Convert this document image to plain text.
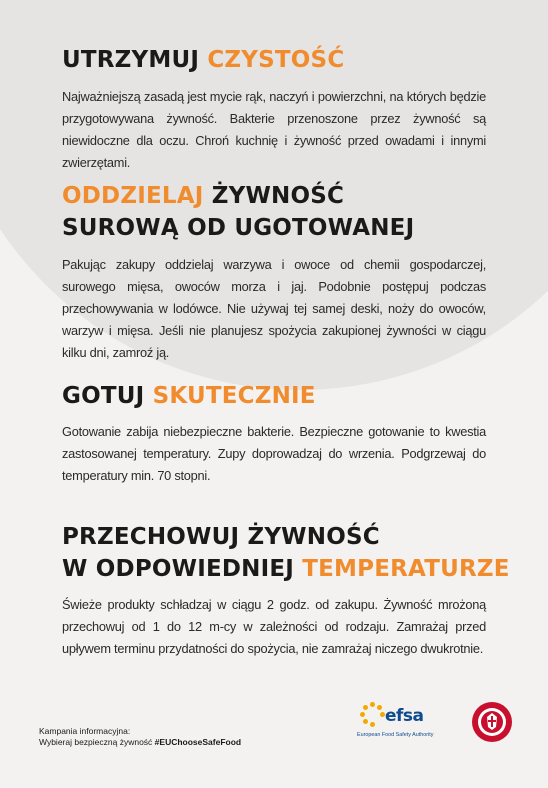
UTRZYMUJ CZYSTOŚĆ

Najważniejszą zasadą jest mycie rąk, naczyń i powierzchni, na których będzie przygotowywana żywność. Bakterie przenoszone przez żywność są niewidoczne dla oczu. Chroń kuchnię i żywność przed owadami i innymi zwierzętami.

ODDZIELAJ ŻYWNOŚĆ
SUROWĄ OD UGOTOWANEJ

Pakując zakupy oddzielaj warzywa i owoce od chemii gospodarczej, surowego mięsa, owoców morza i jaj. Podobnie postępuj podczas przechowywania w lodówce. Nie używaj tej samej deski, noży do owoców, warzyw i mięsa. Jeśli nie planujesz spożycia zakupionej żywności w ciągu kilku dni, zamroź ją.

GOTUJ SKUTECZNIE

Gotowanie zabija niebezpieczne bakterie. Bezpieczne gotowanie to kwestia zastosowanej temperatury. Zupy doprowadzaj do wrzenia. Podgrzewaj do temperatury min. 70 stopni.

PRZECHOWUJ ŻYWNOŚĆ
W ODPOWIEDNIEJ TEMPERATURZE

Świeże produkty schładzaj w ciągu 2 godz. od zakupu. Żywność mrożoną przechowuj od 1 do 12 m-cy w zależności od rodzaju. Zamrażaj przed upływem terminu przydatności do spożycia, nie zamrażaj niczego dwukrotnie.

Kampania informacyjna:
Wybieraj bezpieczną żywność #EUChooseSafeFood

efsa
European Food Safety Authority
